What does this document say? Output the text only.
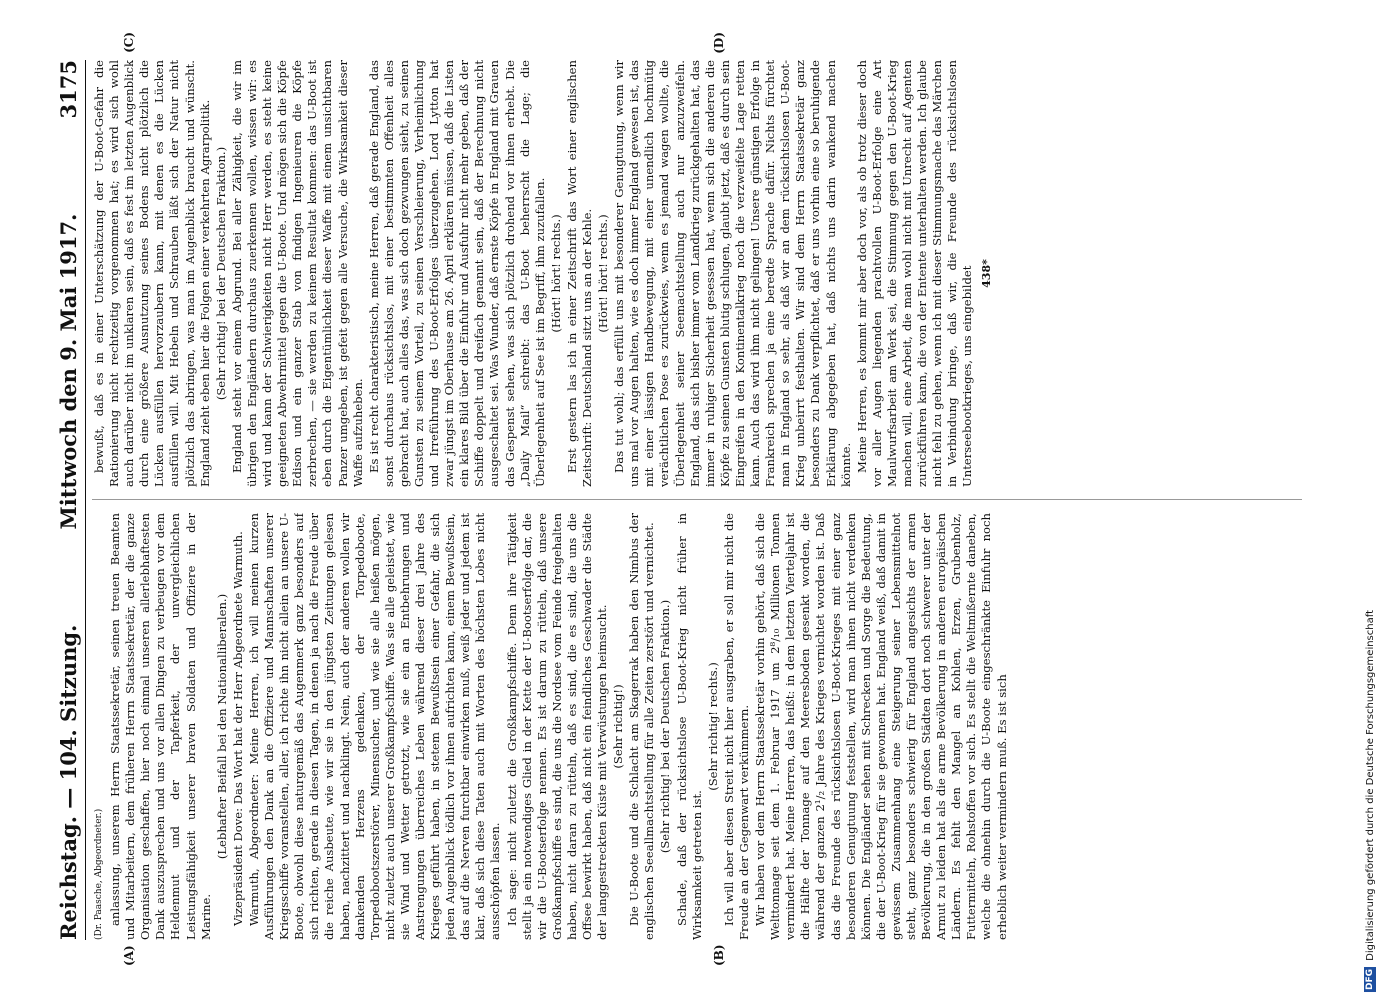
Reichstag. — 104. Sitzung.
Mittwoch den 9. Mai 1917.
3175
(A)	(B)
(C)	(D)

(Dr. Paasche, Abgeordneter.) anlassung, unserem Herrn Staatssekretär, seinen treuen Beamten und Mitarbeitern, dem früheren Herrn Staatssekretär, der die ganze Organisation geschaffen, hier noch einmal unseren allerlebhaftesten Dank auszusprechen und uns vor allen Dingen zu verbeugen vor dem Heldenmut und der Tapferkeit, der unvergleichlichen Leistungsfähigkeit unserer braven Soldaten und Offiziere in der Marine.

(Lebhafter Beifall bei den Nationalliberalen.) Vizepräsident Dove: Das Wort hat der Herr Abgeordnete Warmuth. Warmuth, Abgeordneter: Meine Herren, ich will meinen kurzen Ausführungen den Dank an die Offiziere und Mannschaften unserer Kriegsschiffe voranstellen, aller, ich richte ihn nicht allein an unsere U-Boote, obwohl diese naturgemäß das Augenmerk ganz besonders auf sich richten, gerade in diesen Tagen, in denen ja nach die Freude über die reiche Ausbeute, wie wir sie in den jüngsten Zeitungen gelesen haben, nachzittert und nachklingt. Nein, auch der anderen wollen wir dankenden Herzens gedenken, der Torpedoboote, Torpedobootszerstörer, Minensucher, und wie sie alle heißen mögen, nicht zuletzt auch unserer Großkampfschiffe. Was sie alle geleistet, wie sie Wind und Wetter getrotzt, wie sie ein an Entbehrungen und Anstrengungen überreiches Leben während dieser drei Jahre des Krieges geführt haben, in stetem Bewußtsein einer Gefahr, die sich jeden Augenblick tödlich vor ihnen aufrichten kann, einem Bewußtsein, das auf die Nerven furchtbar einwirken muß, weiß jeder und jedem ist klar, daß sich diese Taten auch mit Worten des höchsten Lobes nicht ausschöpfen lassen. Ich sage: nicht zuletzt die Großkampfschiffe. Denn ihre Tätigkeit stellt ja ein notwendiges Glied in der Kette der U-Bootserfolge dar, die wir die U-Bootserfolge nennen. Es ist darum zu rütteln, daß unsere Großkampfschiffe es sind, die uns die Nordsee vom Feinde freigehalten haben, nicht daran zu rütteln, daß es sind, die es sind, die uns die Offsee bewirkt haben, daß nicht ein feindliches Geschwader die Städte der langgestreckten Küste mit Verwüstungen heimsucht. (Sehr richtig!) Die U-Boote und die Schlacht am Skagerrak haben den Nimbus der englischen Seeallmachtstellung für alle Zeiten zerstört und vernichtet. (Sehr richtig! bei der Deutschen Fraktion.) Schade, daß der rücksichtslose U-Boot-Krieg nicht früher in Wirksamkeit getreten ist.

(Sehr richtig! rechts.) Ich will aber diesen Streit nicht hier ausgraben, er soll mir nicht die Freude an der Gegenwart verkümmern. Wir haben vor dem Herrn Staatssekretär vorhin gehört, daß sich die Welttonnage seit dem 1. Februar 1917 um 2⁸/₁₀ Millionen Tonnen vermindert hat. Meine Herren, das heißt: in dem letzten Vierteljahr ist die Hälfte der Tonnage auf den Meeresboden gesenkt worden, die während der ganzen 2¹/₂ Jahre des Krieges vernichtet worden ist. Daß das die Freunde des rücksichtslosen U-Boot-Krieges mit einer ganz besonderen Genugtuung feststellen, wird man ihnen nicht verdenken können. Die Engländer sehen mit Schrecken und Sorge die Bedeutung, die der U-Boot-Krieg für sie gewonnen hat. England weiß, daß damit in gewissem Zusammenhang eine Steigerung seiner Lebensmittelnot steht, ganz besonders schwierig für England angesichts der armen Bevölkerung, die in den großen Städten dort noch schwerer unter der Armut zu leiden hat als die arme Bevölkerung in anderen europäischen Ländern. Es fehlt den Mangel an Kohlen, Erzen, Grubenholz, Futtermitteln, Rohstoffen vor sich. Es stellt die Weltmißernte daneben, welche die ohnehin durch die U-Boote eingeschränkte Einfuhr noch erheblich weiter vermindern muß. Es ist sich

bewußt, daß es in einer Unterschätzung der U-Boot-Gefahr die Rationierung nicht rechtzeitig vorgenommen hat; es wird sich wohl auch darüber nicht im unklaren sein, daß es fest im letzten Augenblick durch eine größere Ausnutzung seines Bodens nicht plötzlich die Lücken ausfüllen hervorzaubern kann, mit denen es die Lücken ausfüllen will. Mit Hebeln und Schrauben läßt sich der Natur nicht plötzlich das abringen, was man im Augenblick braucht und wünscht. England zieht eben hier die Folgen einer verkehrten Agrarpolitik. (Sehr richtig! bei der Deutschen Fraktion.) England steht vor einem Abgrund. Bei aller Zähigkeit, die wir im übrigen den Engländern durchaus zuerkennen wollen, wissen wir: es wird und kann der Schwierigkeiten nicht Herr werden, es steht keine geeigneten Abwehrmittel gegen die U-Boote. Und mögen sich die Köpfe Edison und ein ganzer Stab von findigen Ingenieuren die Köpfe zerbrechen, — sie werden zu keinem Resultat kommen: das U-Boot ist eben durch die Eigentümlichkeit dieser Waffe mit einem unsichtbaren Panzer umgeben, ist gefeit gegen alle Versuche, die Wirksamkeit dieser Waffe aufzuheben. Es ist recht charakteristisch, meine Herren, daß gerade England, das sonst durchaus rücksichtslos, mit einer bestimmten Offenheit alles gebracht hat, auch alles das, was sich doch gezwungen sieht, zu seinen Gunsten zu seinem Vorteil, zu seinen Verschleierung, Verheimlichung und Irreführung des U-Boot-Erfolges überzugehen. Lord Lytton hat zwar jüngst im Oberhause am 26. April erklären müssen, daß die Listen ein klares Bild über die Einfuhr und Ausfuhr nicht mehr geben, daß der Schiffe doppelt und dreifach genannt sein, daß der Berechnung nicht ausgeschaltet sei. Was Wunder, daß ernste Köpfe in England mit Grauen das Gespenst sehen, was sich plötzlich drohend vor ihnen erhebt. Die „Daily Mail“ schreibt: das U-Boot beherrscht die Lage; die Überlegenheit auf See ist im Begriff, ihm zuzufallen. (Hört! hört! rechts.) Erst gestern las ich in einer Zeitschrift das Wort einer englischen Zeitschrift: Deutschland sitzt uns an der Kehle. (Hört! hört! rechts.) Das tut wohl; das erfüllt uns mit besonderer Genugtuung, wenn wir uns mal vor Augen halten, wie es doch immer England gewesen ist, das mit einer lässigen Handbewegung, mit einer unendlich hochmütig verächtlichen Pose es zurückwies, wenn es jemand wagen wollte, die Überlegenheit seiner Seemachtstellung auch nur anzuzweifeln. England, das sich bisher immer vom Landkrieg zurückgehalten hat, das immer in ruhiger Sicherheit gesessen hat, wenn sich die anderen die Köpfe zu seinen Gunsten blutig schlugen, glaubt jetzt, daß es durch sein Eingreifen in den Kontinentalkrieg noch die verzweifelte Lage retten kann. Auch das wird ihm nicht gelingen! Unsere günstigen Erfolge in Frankreich sprechen ja eine beredte Sprache dafür. Nichts fürchtet man in England so sehr, als daß wir an dem rücksichtslosen U-Boot-Krieg unbeirrt festhalten. Wir sind dem Herrn Staatssekretär ganz besonders zu Dank verpflichtet, daß er uns vorhin eine so beruhigende Erklärung abgegeben hat, daß nichts uns darin wankend machen könnte. Meine Herren, es kommt mir aber doch vor, als ob trotz dieser doch vor aller Augen liegenden prachtvollen U-Boot-Erfolge eine Art Maulwurfsarbeit am Werk sei, die Stimmung gegen den U-Boot-Krieg machen will, eine Arbeit, die man wohl nicht mit Unrecht auf Agenten zurückführen kann, die von der Entente unterhalten werden. Ich glaube nicht fehl zu gehen, wenn ich mit dieser Stimmungsmache das Märchen in Verbindung bringe, daß wir, die Freunde des rücksichtslosen Unterseebootkrieges, uns eingebildet 438*
Digitalisierung gefördert durch die Deutsche Forschungsgemeinschaft
DFG
